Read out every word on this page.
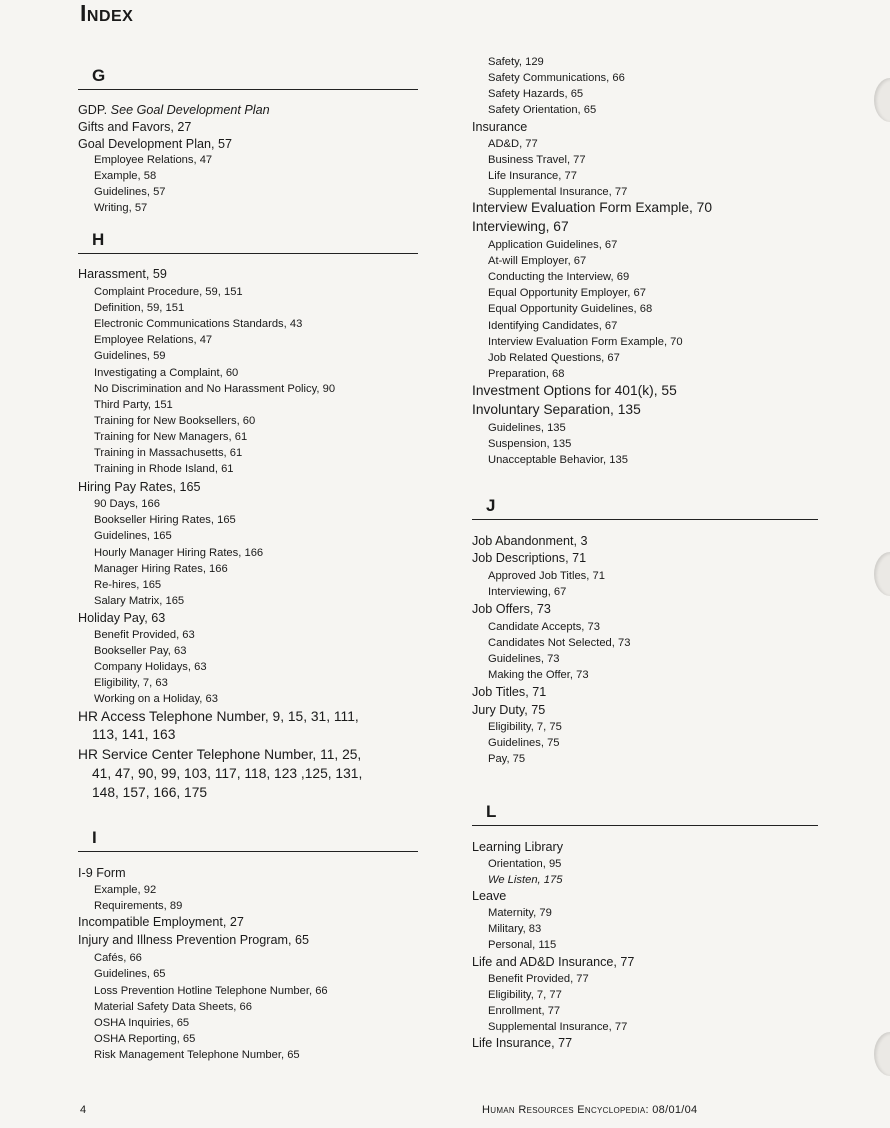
Index
G
GDP. See Goal Development Plan
Gifts and Favors, 27
Goal Development Plan, 57
Employee Relations, 47
Example, 58
Guidelines, 57
Writing, 57
H
Harassment, 59
Complaint Procedure, 59, 151
Definition, 59, 151
Electronic Communications Standards, 43
Employee Relations, 47
Guidelines, 59
Investigating a Complaint, 60
No Discrimination and No Harassment Policy, 90
Third Party, 151
Training for New Booksellers, 60
Training for New Managers, 61
Training in Massachusetts, 61
Training in Rhode Island, 61
Hiring Pay Rates, 165
90 Days, 166
Bookseller Hiring Rates, 165
Guidelines, 165
Hourly Manager Hiring Rates, 166
Manager Hiring Rates, 166
Re-hires, 165
Salary Matrix, 165
Holiday Pay, 63
Benefit Provided, 63
Bookseller Pay, 63
Company Holidays, 63
Eligibility, 7, 63
Working on a Holiday, 63
HR Access Telephone Number, 9, 15, 31, 111,
113, 141, 163
HR Service Center Telephone Number, 11, 25,
41, 47, 90, 99, 103, 117, 118, 123 ,125, 131,
148, 157, 166, 175
I
I-9 Form
Example, 92
Requirements, 89
Incompatible Employment, 27
Injury and Illness Prevention Program, 65
Cafés, 66
Guidelines, 65
Loss Prevention Hotline Telephone Number, 66
Material Safety Data Sheets, 66
OSHA Inquiries, 65
OSHA Reporting, 65
Risk Management Telephone Number, 65
Safety, 129
Safety Communications, 66
Safety Hazards, 65
Safety Orientation, 65
Insurance
AD&D, 77
Business Travel, 77
Life Insurance, 77
Supplemental Insurance, 77
Interview Evaluation Form Example, 70
Interviewing, 67
Application Guidelines, 67
At-will Employer, 67
Conducting the Interview, 69
Equal Opportunity Employer, 67
Equal Opportunity Guidelines, 68
Identifying Candidates, 67
Interview Evaluation Form Example, 70
Job Related Questions, 67
Preparation, 68
Investment Options for 401(k), 55
Involuntary Separation, 135
Guidelines, 135
Suspension, 135
Unacceptable Behavior, 135
J
Job Abandonment, 3
Job Descriptions, 71
Approved Job Titles, 71
Interviewing, 67
Job Offers, 73
Candidate Accepts, 73
Candidates Not Selected, 73
Guidelines, 73
Making the Offer, 73
Job Titles, 71
Jury Duty, 75
Eligibility, 7, 75
Guidelines, 75
Pay, 75
L
Learning Library
Orientation, 95
We Listen, 175
Leave
Maternity, 79
Military, 83
Personal, 115
Life and AD&D Insurance, 77
Benefit Provided, 77
Eligibility, 7, 77
Enrollment, 77
Supplemental Insurance, 77
Life Insurance, 77
4	Human Resources Encyclopedia: 08/01/04
